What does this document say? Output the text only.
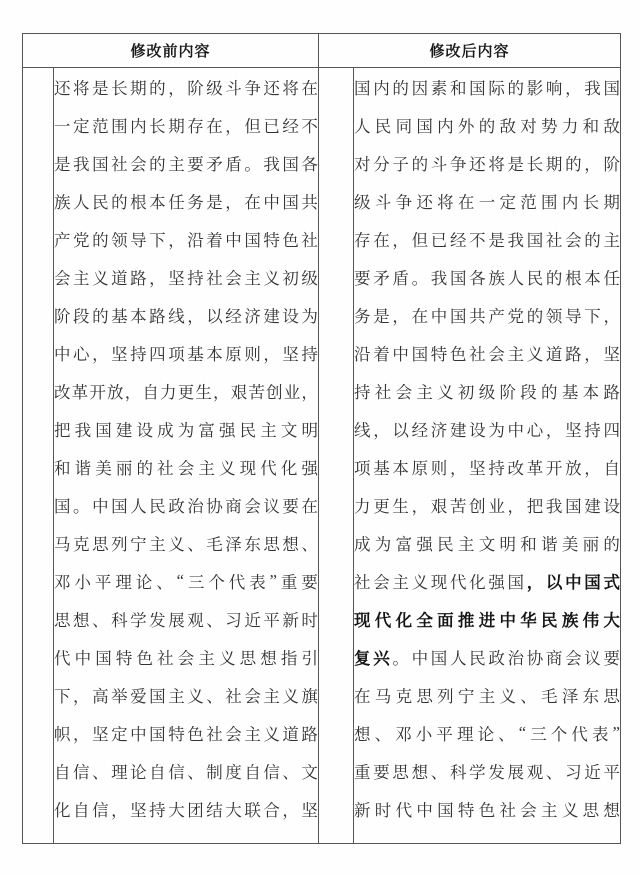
修改前内容		修改后内容	

还 将 是 长 期 的 ， 阶 级 斗 争 还 将 在
一 定 范 围 内 长 期 存 在 ， 但 已 经 不
是 我 国 社 会 的 主 要 矛 盾 。 我 国 各
族 人 民 的 根 本 任 务 是 ， 在 中 国 共
产 党 的 领 导 下 ， 沿 着 中 国 特 色 社
会 主 义 道 路 ， 坚 持 社 会 主 义 初 级
阶 段 的 基 本 路 线 ， 以 经 济 建 设 为
中 心 ， 坚 持 四 项 基 本 原 则 ， 坚 持
改 革 开 放 ， 自 力 更 生 ， 艰 苦 创 业 ，
把 我 国 建 设 成 为 富 强 民 主 文 明
和 谐 美 丽 的 社 会 主 义 现 代 化 强
国 。 中 国 人 民 政 治 协 商 会 议 要 在
马 克 思 列 宁 主 义 、 毛 泽 东 思 想 、
邓 小 平 理 论 、 “ 三 个 代 表 ” 重 要
思 想 、 科 学 发 展 观 、 习 近 平 新 时
代 中 国 特 色 社 会 主 义 思 想 指 引
下 ， 高 举 爱 国 主 义 、 社 会 主 义 旗
帜 ， 坚 定 中 国 特 色 社 会 主 义 道 路
自 信 、 理 论 自 信 、 制 度 自 信 、 文
化 自 信 ， 坚 持 大 团 结 大 联 合 ， 坚

国 内 的 因 素 和 国 际 的 影 响 ， 我 国
人 民 同 国 内 外 的 敌 对 势 力 和 敌
对 分 子 的 斗 争 还 将 是 长 期 的 ， 阶
级 斗 争 还 将 在 一 定 范 围 内 长 期
存 在 ， 但 已 经 不 是 我 国 社 会 的 主
要 矛 盾 。 我 国 各 族 人 民 的 根 本 任
务 是 ， 在 中 国 共 产 党 的 领 导 下 ，
沿 着 中 国 特 色 社 会 主 义 道 路 ， 坚
持 社 会 主 义 初 级 阶 段 的 基 本 路
线 ， 以 经 济 建 设 为 中 心 ， 坚 持 四
项 基 本 原 则 ， 坚 持 改 革 开 放 ， 自
力 更 生 ， 艰 苦 创 业 ， 把 我 国 建 设
成 为 富 强 民 主 文 明 和 谐 美 丽 的
社 会 主 义 现 代 化 强 国 ， 以 中 国 式
现 代 化 全 面 推 进 中 华 民 族 伟 大
复 兴 。 中 国 人 民 政 治 协 商 会 议 要
在 马 克 思 列 宁 主 义 、 毛 泽 东 思
想 、 邓 小 平 理 论 、 “ 三 个 代 表 ”
重 要 思 想 、 科 学 发 展 观 、 习 近 平
新 时 代 中 国 特 色 社 会 主 义 思 想
